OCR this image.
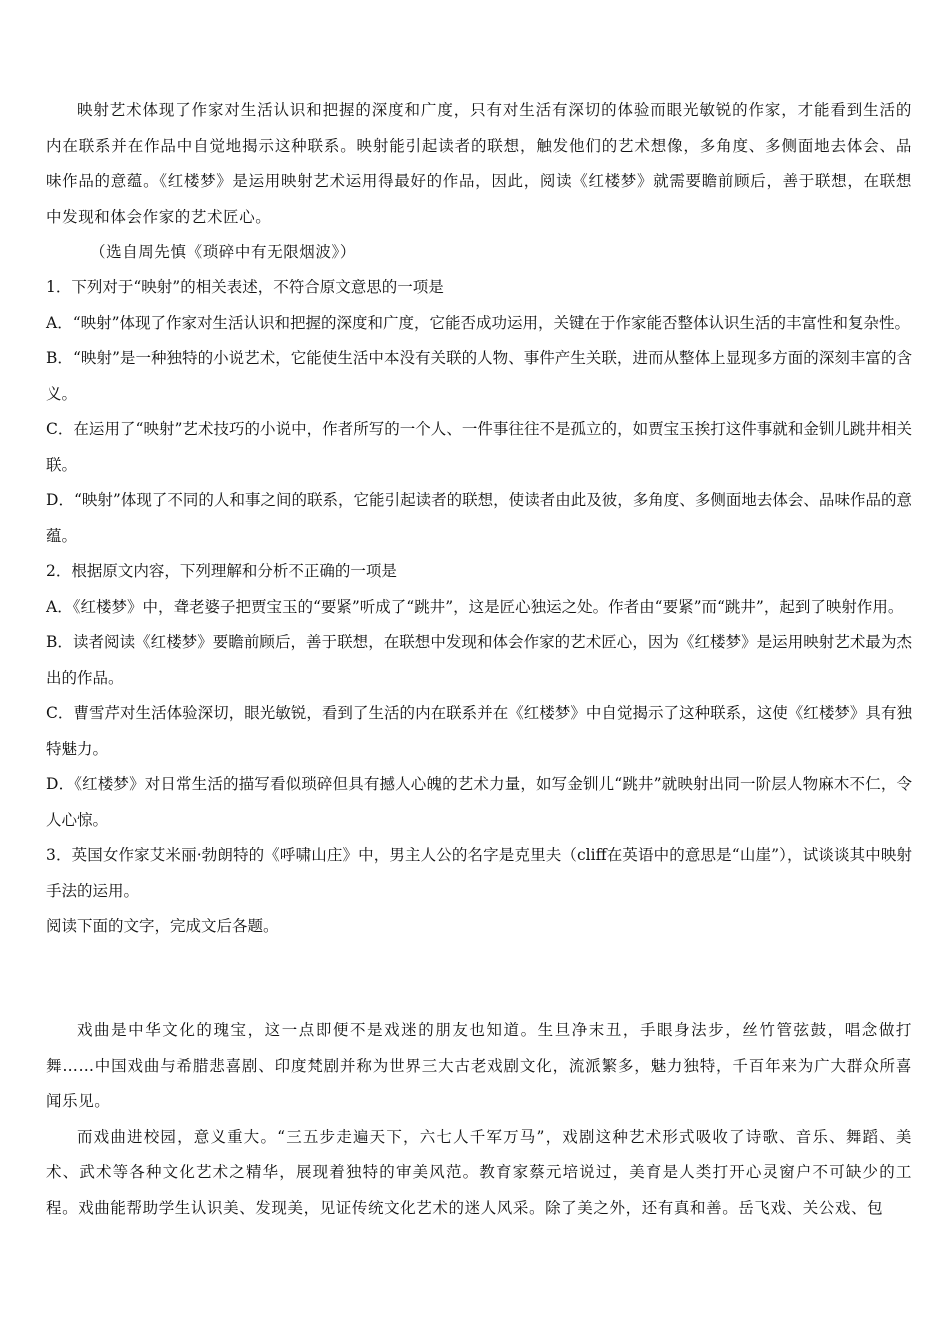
映射艺术体现了作家对生活认识和把握的深度和广度，只有对生活有深切的体验而眼光敏锐的作家，才能看到生活的内在联系并在作品中自觉地揭示这种联系。映射能引起读者的联想，触发他们的艺术想像，多角度、多侧面地去体会、品味作品的意蕴。《红楼梦》是运用映射艺术运用得最好的作品，因此，阅读《红楼梦》就需要瞻前顾后，善于联想，在联想中发现和体会作家的艺术匠心。

（选自周先慎《琐碎中有无限烟波》）

1．下列对于“映射”的相关表述，不符合原文意思的一项是

A．“映射”体现了作家对生活认识和把握的深度和广度，它能否成功运用，关键在于作家能否整体认识生活的丰富性和复杂性。

B．“映射”是一种独特的小说艺术，它能使生活中本没有关联的人物、事件产生关联，进而从整体上显现多方面的深刻丰富的含义。

C．在运用了“映射”艺术技巧的小说中，作者所写的一个人、一件事往往不是孤立的，如贾宝玉挨打这件事就和金钏儿跳井相关联。

D．“映射”体现了不同的人和事之间的联系，它能引起读者的联想，使读者由此及彼，多角度、多侧面地去体会、品味作品的意蕴。

2．根据原文内容，下列理解和分析不正确的一项是

A．《红楼梦》中，聋老婆子把贾宝玉的“要紧”听成了“跳井”，这是匠心独运之处。作者由“要紧”而“跳井”，起到了映射作用。

B．读者阅读《红楼梦》要瞻前顾后，善于联想，在联想中发现和体会作家的艺术匠心，因为《红楼梦》是运用映射艺术最为杰出的作品。

C．曹雪芹对生活体验深切，眼光敏锐，看到了生活的内在联系并在《红楼梦》中自觉揭示了这种联系，这使《红楼梦》具有独特魅力。

D．《红楼梦》对日常生活的描写看似琐碎但具有撼人心魄的艺术力量，如写金钏儿“跳井”就映射出同一阶层人物麻木不仁，令人心惊。

3．英国女作家艾米丽·勃朗特的《呼啸山庄》中，男主人公的名字是克里夫（cliff在英语中的意思是“山崖”），试谈谈其中映射手法的运用。

阅读下面的文字，完成文后各题。

戏曲是中华文化的瑰宝，这一点即便不是戏迷的朋友也知道。生旦净末丑，手眼身法步，丝竹管弦鼓，唱念做打舞……中国戏曲与希腊悲喜剧、印度梵剧并称为世界三大古老戏剧文化，流派繁多，魅力独特，千百年来为广大群众所喜闻乐见。

而戏曲进校园，意义重大。“三五步走遍天下，六七人千军万马”，戏剧这种艺术形式吸收了诗歌、音乐、舞蹈、美术、武术等各种文化艺术之精华，展现着独特的审美风范。教育家蔡元培说过，美育是人类打开心灵窗户不可缺少的工程。戏曲能帮助学生认识美、发现美，见证传统文化艺术的迷人风采。除了美之外，还有真和善。岳飞戏、关公戏、包
